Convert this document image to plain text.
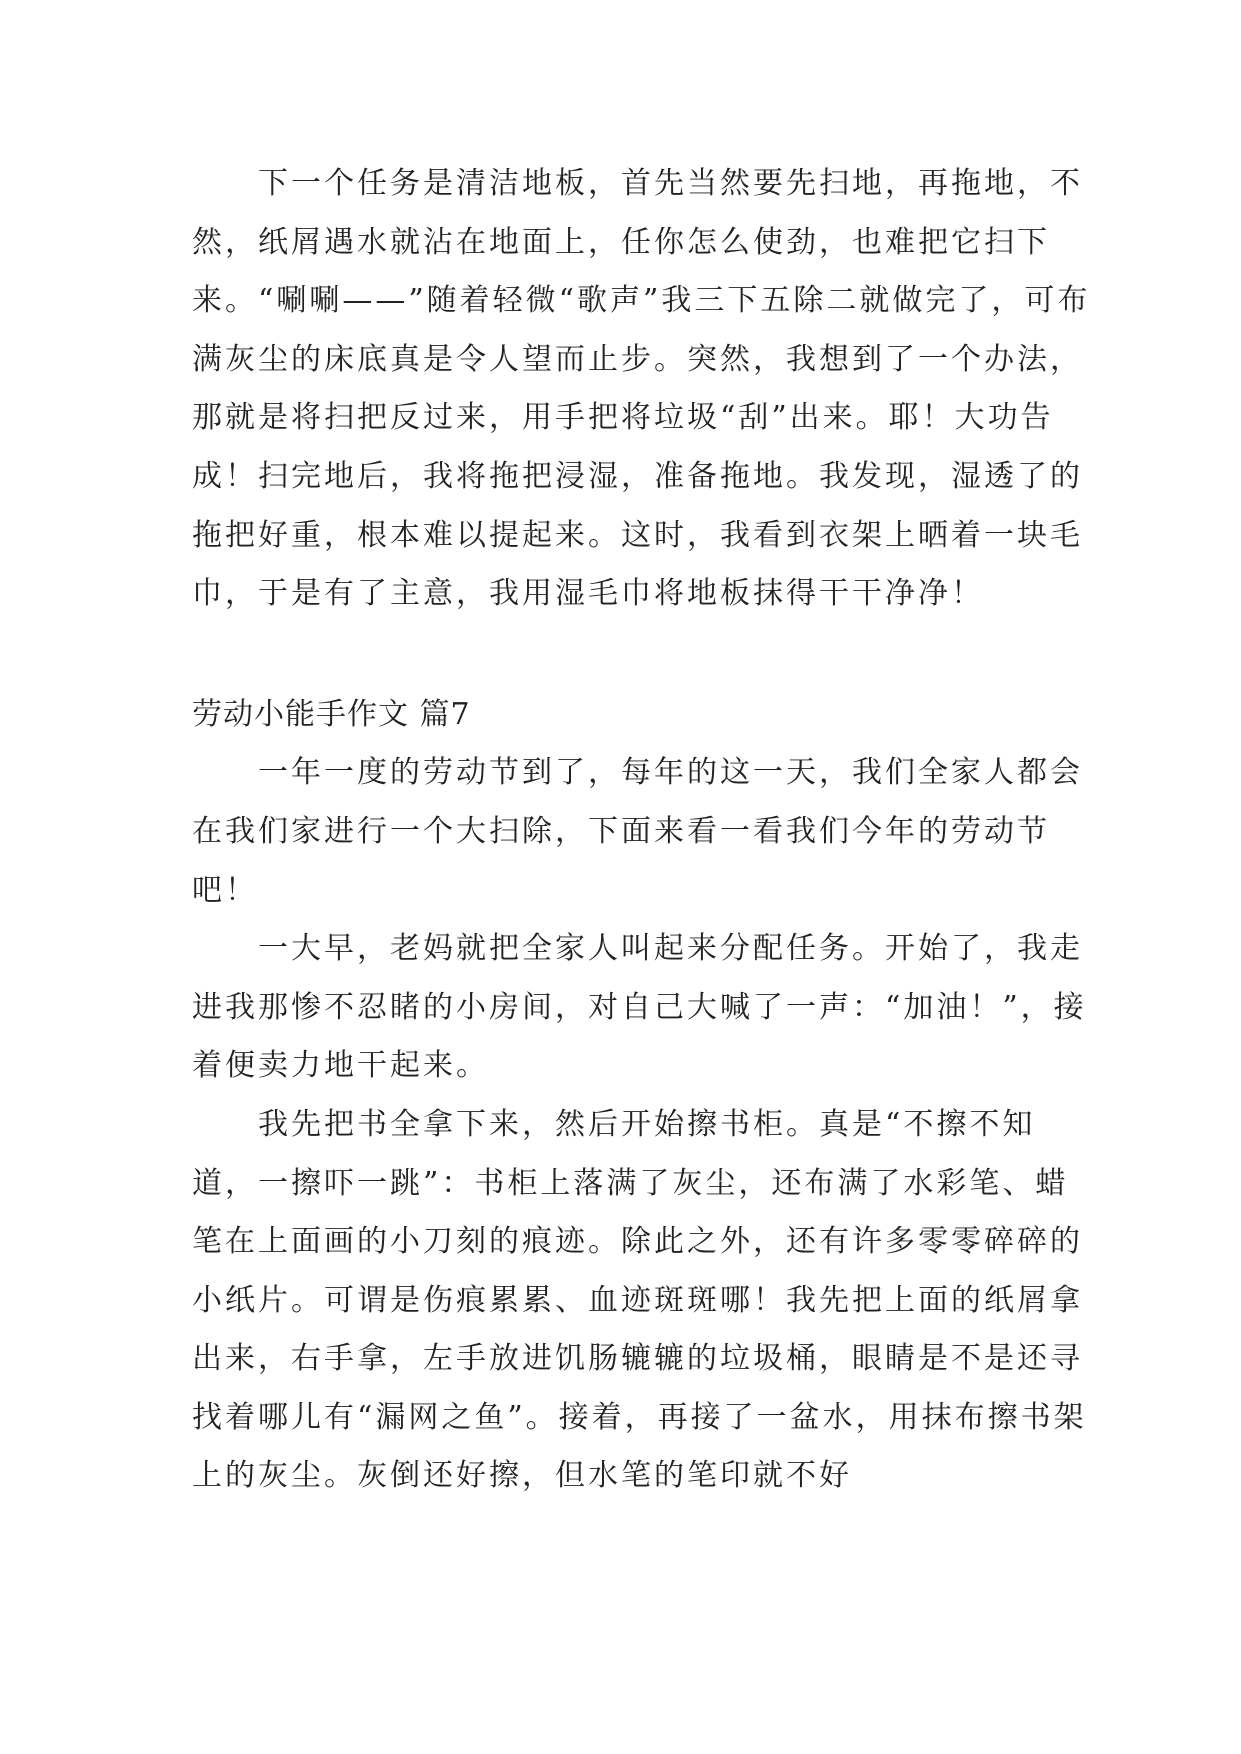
下一个任务是清洁地板，首先当然要先扫地，再拖地，不然，纸屑遇水就沾在地面上，任你怎么使劲，也难把它扫下来。“唰唰——”随着轻微“歌声”我三下五除二就做完了，可布满灰尘的床底真是令人望而止步。突然，我想到了一个办法，那就是将扫把反过来，用手把将垃圾“刮”出来。耶！大功告成！扫完地后，我将拖把浸湿，准备拖地。我发现，湿透了的拖把好重，根本难以提起来。这时，我看到衣架上晒着一块毛巾，于是有了主意，我用湿毛巾将地板抹得干干净净！

劳动小能手作文 篇7

一年一度的劳动节到了，每年的这一天，我们全家人都会在我们家进行一个大扫除，下面来看一看我们今年的劳动节吧！

一大早，老妈就把全家人叫起来分配任务。开始了，我走进我那惨不忍睹的小房间，对自己大喊了一声：“加油！”，接着便卖力地干起来。

我先把书全拿下来，然后开始擦书柜。真是“不擦不知道，一擦吓一跳”：书柜上落满了灰尘，还布满了水彩笔、蜡笔在上面画的小刀刻的痕迹。除此之外，还有许多零零碎碎的小纸片。可谓是伤痕累累、血迹斑斑哪！我先把上面的纸屑拿出来，右手拿，左手放进饥肠辘辘的垃圾桶，眼睛是不是还寻找着哪儿有“漏网之鱼”。接着，再接了一盆水，用抹布擦书架上的灰尘。灰倒还好擦，但水笔的笔印就不好
